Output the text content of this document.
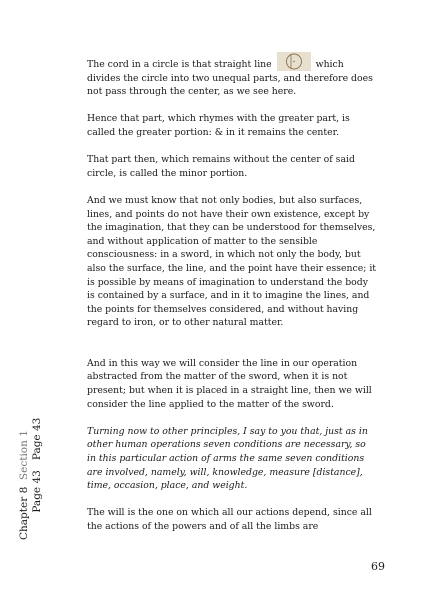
The cord in a circle is that straight line	which divides the circle into two unequal parts, and therefore does not pass through the center, as we see here.

Hence that part, which rhymes with the greater part, is called the greater portion: & in it remains the center.

That part then, which remains without the center of said circle, is called the minor portion.

And we must know that not only bodies, but also surfaces, lines, and points do not have their own existence, except by the imagination, that they can be understood for themselves, and without application of matter to the sensible consciousness: in a sword, in which not only the body, but also the surface, the line, and the point have their essence; it is possible by means of imagination to understand the body is contained by a surface, and in it to imagine the lines, and the points for themselves considered, and without having regard to iron, or to other natural matter.

And in this way we will consider the line in our operation abstracted from the matter of the sword, when it is not present; but when it is placed in a straight line, then we will consider the line applied to the matter of the sword.

Turning now to other principles, I say to you that, just as in other human operations seven conditions are necessary, so in this particular action of arms the same seven conditions are involved, namely, will, knowledge, measure [distance], time, occasion, place, and weight.

The will is the one on which all our actions depend, since all the actions of the powers and of all the limbs are

Chapter 8  Section 1
Page 43   Page 43
69
